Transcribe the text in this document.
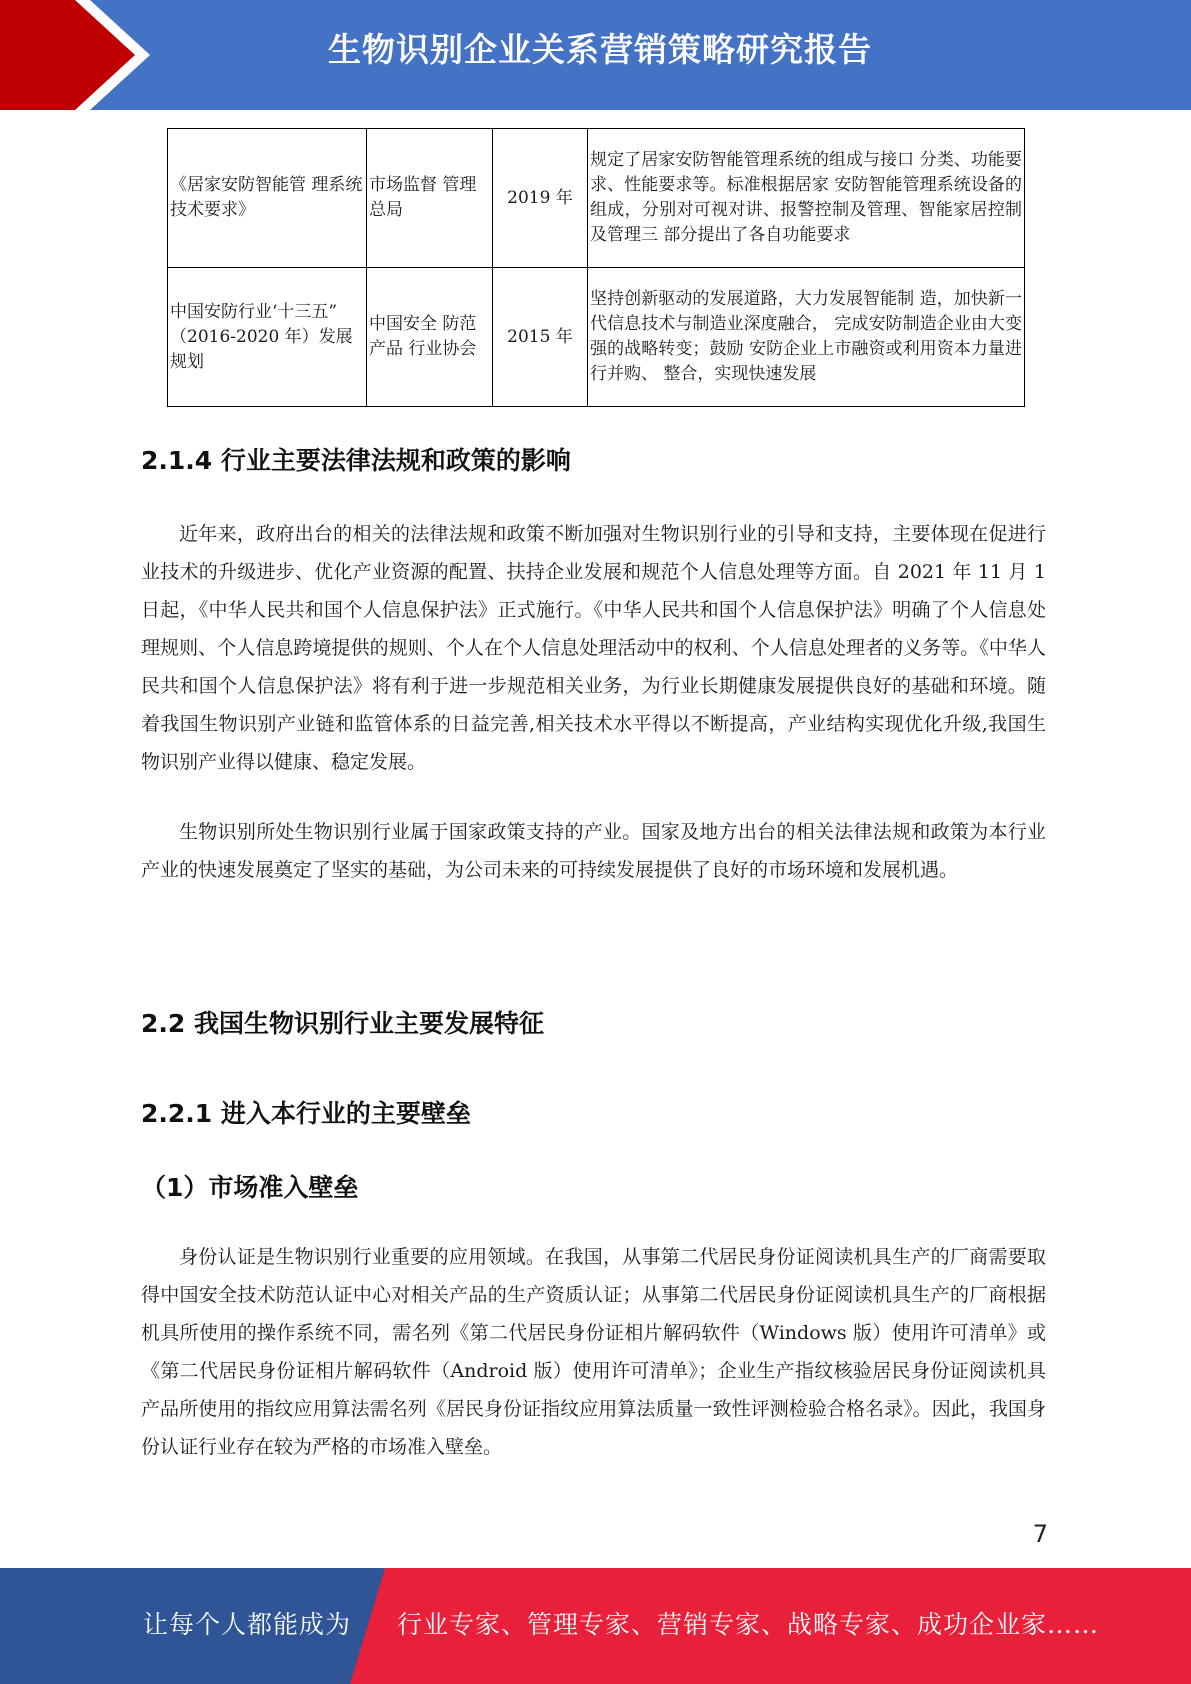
生物识别企业关系营销策略研究报告
《居家安防智能管 理系统技术要求》	市场监督 管理总局	2019 年	规定了居家安防智能管理系统的组成与接口 分类、功能要求、性能要求等。标准根据居家 安防智能管理系统设备的组成，分别对可视对讲、报警控制及管理、智能家居控制及管理三 部分提出了各自功能要求
中国安防行业‘十三五” （2016-2020 年）发展规划	中国安全 防范产品 行业协会	2015 年	坚持创新驱动的发展道路，大力发展智能制 造，加快新一代信息技术与制造业深度融合， 完成安防制造企业由大变强的战略转变；鼓励 安防企业上市融资或利用资本力量进行并购、 整合，实现快速发展
2.1.4 行业主要法律法规和政策的影响

近年来，政府出台的相关的法律法规和政策不断加强对生物识别行业的引导和支持，主要体现在促进行业技术的升级进步、优化产业资源的配置、扶持企业发展和规范个人信息处理等方面。自 2021 年 11 月 1 日起，《中华人民共和国个人信息保护法》正式施行。《中华人民共和国个人信息保护法》明确了个人信息处理规则、个人信息跨境提供的规则、个人在个人信息处理活动中的权利、个人信息处理者的义务等。《中华人民共和国个人信息保护法》将有利于进一步规范相关业务，为行业长期健康发展提供良好的基础和环境。随着我国生物识别产业链和监管体系的日益完善,相关技术水平得以不断提高，产业结构实现优化升级,我国生物识别产业得以健康、稳定发展。

生物识别所处生物识别行业属于国家政策支持的产业。国家及地方出台的相关法律法规和政策为本行业产业的快速发展奠定了坚实的基础，为公司未来的可持续发展提供了良好的市场环境和发展机遇。

2.2 我国生物识别行业主要发展特征
2.2.1 进入本行业的主要壁垒
（1）市场准入壁垒

身份认证是生物识别行业重要的应用领域。在我国，从事第二代居民身份证阅读机具生产的厂商需要取得中国安全技术防范认证中心对相关产品的生产资质认证；从事第二代居民身份证阅读机具生产的厂商根据机具所使用的操作系统不同，需名列《第二代居民身份证相片解码软件（Windows 版）使用许可清单》或《第二代居民身份证相片解码软件（Android 版）使用许可清单》；企业生产指纹核验居民身份证阅读机具产品所使用的指纹应用算法需名列《居民身份证指纹应用算法质量一致性评测检验合格名录》。因此，我国身份认证行业存在较为严格的市场准入壁垒。

7
让每个人都能成为 行业专家、管理专家、营销专家、战略专家、成功企业家……
